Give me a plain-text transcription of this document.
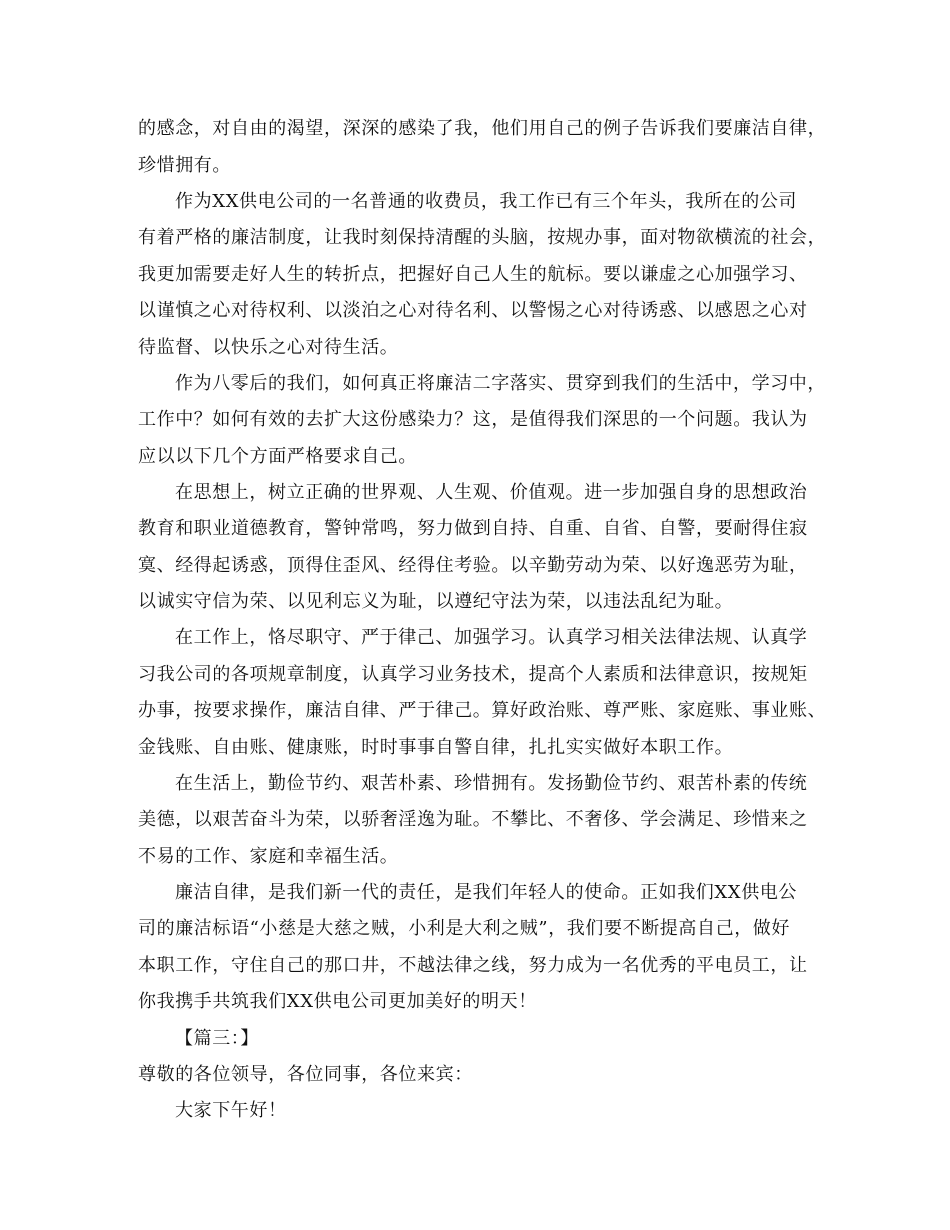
的感念，对自由的渴望，深深的感染了我，他们用自己的例子告诉我们要廉洁自律，
珍惜拥有。
作为XX供电公司的一名普通的收费员，我工作已有三个年头，我所在的公司
有着严格的廉洁制度，让我时刻保持清醒的头脑，按规办事，面对物欲横流的社会，
我更加需要走好人生的转折点，把握好自己人生的航标。要以谦虚之心加强学习、
以谨慎之心对待权利、以淡泊之心对待名利、以警惕之心对待诱惑、以感恩之心对
待监督、以快乐之心对待生活。
作为八零后的我们，如何真正将廉洁二字落实、贯穿到我们的生活中，学习中，
工作中？如何有效的去扩大这份感染力？这，是值得我们深思的一个问题。我认为
应以以下几个方面严格要求自己。
在思想上，树立正确的世界观、人生观、价值观。进一步加强自身的思想政治
教育和职业道德教育，警钟常鸣，努力做到自持、自重、自省、自警，要耐得住寂
寞、经得起诱惑，顶得住歪风、经得住考验。以辛勤劳动为荣、以好逸恶劳为耻，
以诚实守信为荣、以见利忘义为耻，以遵纪守法为荣，以违法乱纪为耻。
在工作上，恪尽职守、严于律己、加强学习。认真学习相关法律法规、认真学
习我公司的各项规章制度，认真学习业务技术，提高个人素质和法律意识，按规矩
办事，按要求操作，廉洁自律、严于律己。算好政治账、尊严账、家庭账、事业账、
金钱账、自由账、健康账，时时事事自警自律，扎扎实实做好本职工作。
在生活上，勤俭节约、艰苦朴素、珍惜拥有。发扬勤俭节约、艰苦朴素的传统
美德，以艰苦奋斗为荣，以骄奢淫逸为耻。不攀比、不奢侈、学会满足、珍惜来之
不易的工作、家庭和幸福生活。
廉洁自律，是我们新一代的责任，是我们年轻人的使命。正如我们XX供电公
司的廉洁标语“小慈是大慈之贼，小利是大利之贼”，我们要不断提高自己，做好
本职工作，守住自己的那口井，不越法律之线，努力成为一名优秀的平电员工，让
你我携手共筑我们XX供电公司更加美好的明天！
【篇三：】
尊敬的各位领导，各位同事，各位来宾：
大家下午好！
